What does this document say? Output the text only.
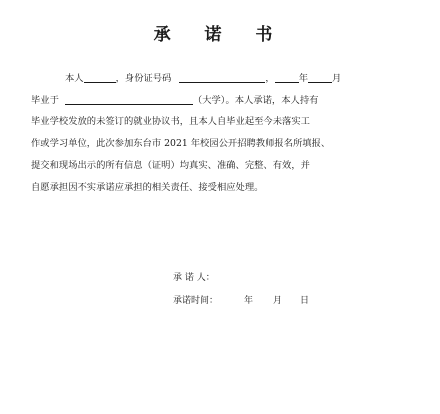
承 诺 书
本人	，身份证号码	，	年	月
毕业于	（大学）。本人承诺，本人持有
毕业学校发放的未签订的就业协议书，且本人自毕业起至今未落实工
作或学习单位，此次参加东台市 2021 年校园公开招聘教师报名所填报、
提交和现场出示的所有信息（证明）均真实、准确、完整、有效，并
自愿承担因不实承诺应承担的相关责任、接受相应处理。
承 诺 人：
承诺时间：	年 月 日
